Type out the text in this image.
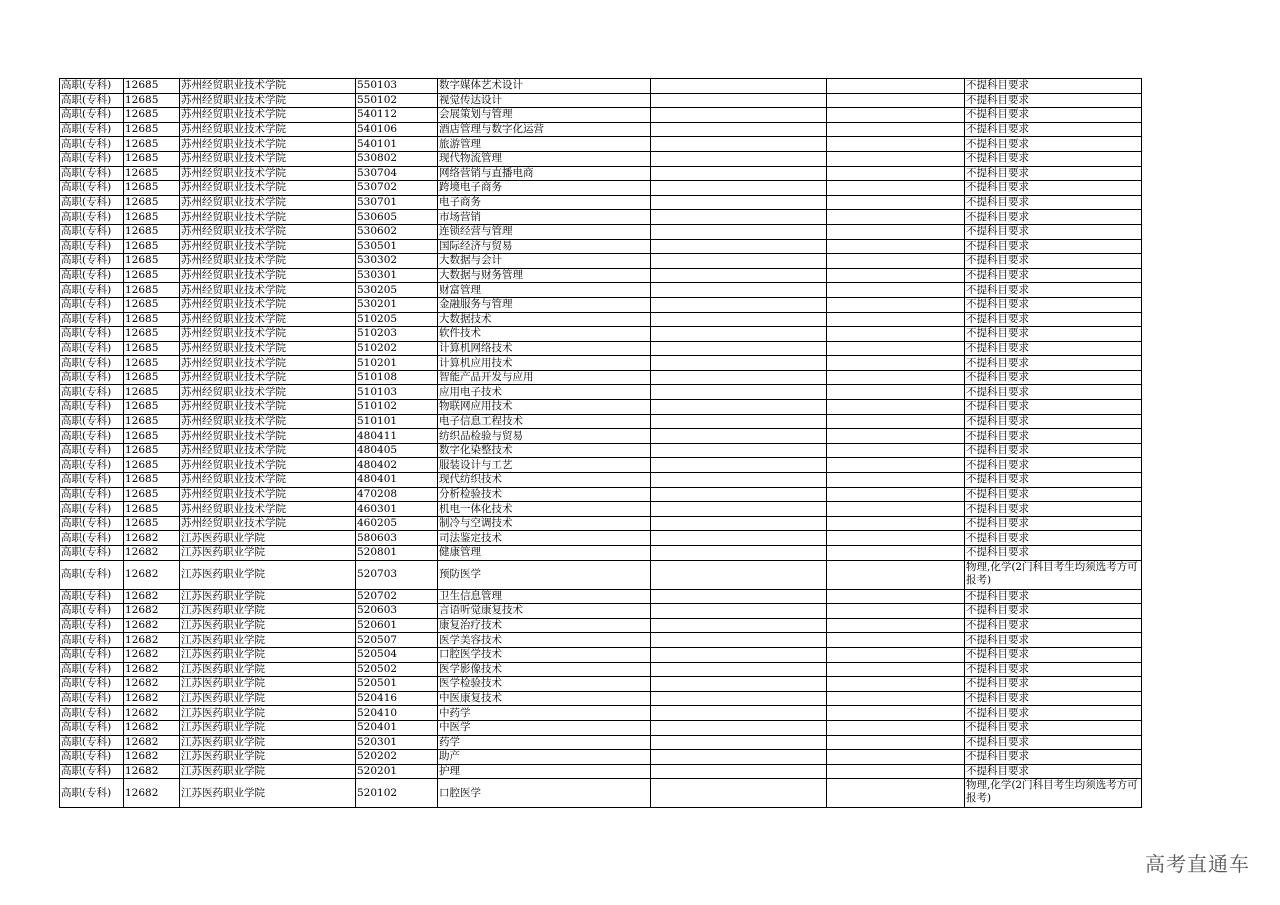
高职(专科)	12685	苏州经贸职业技术学院	550103	数字媒体艺术设计			不提科目要求
高职(专科)	12685	苏州经贸职业技术学院	550102	视觉传达设计			不提科目要求
高职(专科)	12685	苏州经贸职业技术学院	540112	会展策划与管理			不提科目要求
高职(专科)	12685	苏州经贸职业技术学院	540106	酒店管理与数字化运营			不提科目要求
高职(专科)	12685	苏州经贸职业技术学院	540101	旅游管理			不提科目要求
高职(专科)	12685	苏州经贸职业技术学院	530802	现代物流管理			不提科目要求
高职(专科)	12685	苏州经贸职业技术学院	530704	网络营销与直播电商			不提科目要求
高职(专科)	12685	苏州经贸职业技术学院	530702	跨境电子商务			不提科目要求
高职(专科)	12685	苏州经贸职业技术学院	530701	电子商务			不提科目要求
高职(专科)	12685	苏州经贸职业技术学院	530605	市场营销			不提科目要求
高职(专科)	12685	苏州经贸职业技术学院	530602	连锁经营与管理			不提科目要求
高职(专科)	12685	苏州经贸职业技术学院	530501	国际经济与贸易			不提科目要求
高职(专科)	12685	苏州经贸职业技术学院	530302	大数据与会计			不提科目要求
高职(专科)	12685	苏州经贸职业技术学院	530301	大数据与财务管理			不提科目要求
高职(专科)	12685	苏州经贸职业技术学院	530205	财富管理			不提科目要求
高职(专科)	12685	苏州经贸职业技术学院	530201	金融服务与管理			不提科目要求
高职(专科)	12685	苏州经贸职业技术学院	510205	大数据技术			不提科目要求
高职(专科)	12685	苏州经贸职业技术学院	510203	软件技术			不提科目要求
高职(专科)	12685	苏州经贸职业技术学院	510202	计算机网络技术			不提科目要求
高职(专科)	12685	苏州经贸职业技术学院	510201	计算机应用技术			不提科目要求
高职(专科)	12685	苏州经贸职业技术学院	510108	智能产品开发与应用			不提科目要求
高职(专科)	12685	苏州经贸职业技术学院	510103	应用电子技术			不提科目要求
高职(专科)	12685	苏州经贸职业技术学院	510102	物联网应用技术			不提科目要求
高职(专科)	12685	苏州经贸职业技术学院	510101	电子信息工程技术			不提科目要求
高职(专科)	12685	苏州经贸职业技术学院	480411	纺织品检验与贸易			不提科目要求
高职(专科)	12685	苏州经贸职业技术学院	480405	数字化染整技术			不提科目要求
高职(专科)	12685	苏州经贸职业技术学院	480402	服装设计与工艺			不提科目要求
高职(专科)	12685	苏州经贸职业技术学院	480401	现代纺织技术			不提科目要求
高职(专科)	12685	苏州经贸职业技术学院	470208	分析检验技术			不提科目要求
高职(专科)	12685	苏州经贸职业技术学院	460301	机电一体化技术			不提科目要求
高职(专科)	12685	苏州经贸职业技术学院	460205	制冷与空调技术			不提科目要求
高职(专科)	12682	江苏医药职业学院	580603	司法鉴定技术			不提科目要求
高职(专科)	12682	江苏医药职业学院	520801	健康管理			不提科目要求
高职(专科)	12682	江苏医药职业学院	520703	预防医学			物理,化学(2门科目考生均须选考方可报考)
高职(专科)	12682	江苏医药职业学院	520702	卫生信息管理			不提科目要求
高职(专科)	12682	江苏医药职业学院	520603	言语听觉康复技术			不提科目要求
高职(专科)	12682	江苏医药职业学院	520601	康复治疗技术			不提科目要求
高职(专科)	12682	江苏医药职业学院	520507	医学美容技术			不提科目要求
高职(专科)	12682	江苏医药职业学院	520504	口腔医学技术			不提科目要求
高职(专科)	12682	江苏医药职业学院	520502	医学影像技术			不提科目要求
高职(专科)	12682	江苏医药职业学院	520501	医学检验技术			不提科目要求
高职(专科)	12682	江苏医药职业学院	520416	中医康复技术			不提科目要求
高职(专科)	12682	江苏医药职业学院	520410	中药学			不提科目要求
高职(专科)	12682	江苏医药职业学院	520401	中医学			不提科目要求
高职(专科)	12682	江苏医药职业学院	520301	药学			不提科目要求
高职(专科)	12682	江苏医药职业学院	520202	助产			不提科目要求
高职(专科)	12682	江苏医药职业学院	520201	护理			不提科目要求
高职(专科)	12682	江苏医药职业学院	520102	口腔医学			物理,化学(2门科目考生均须选考方可报考)
高考直通车
